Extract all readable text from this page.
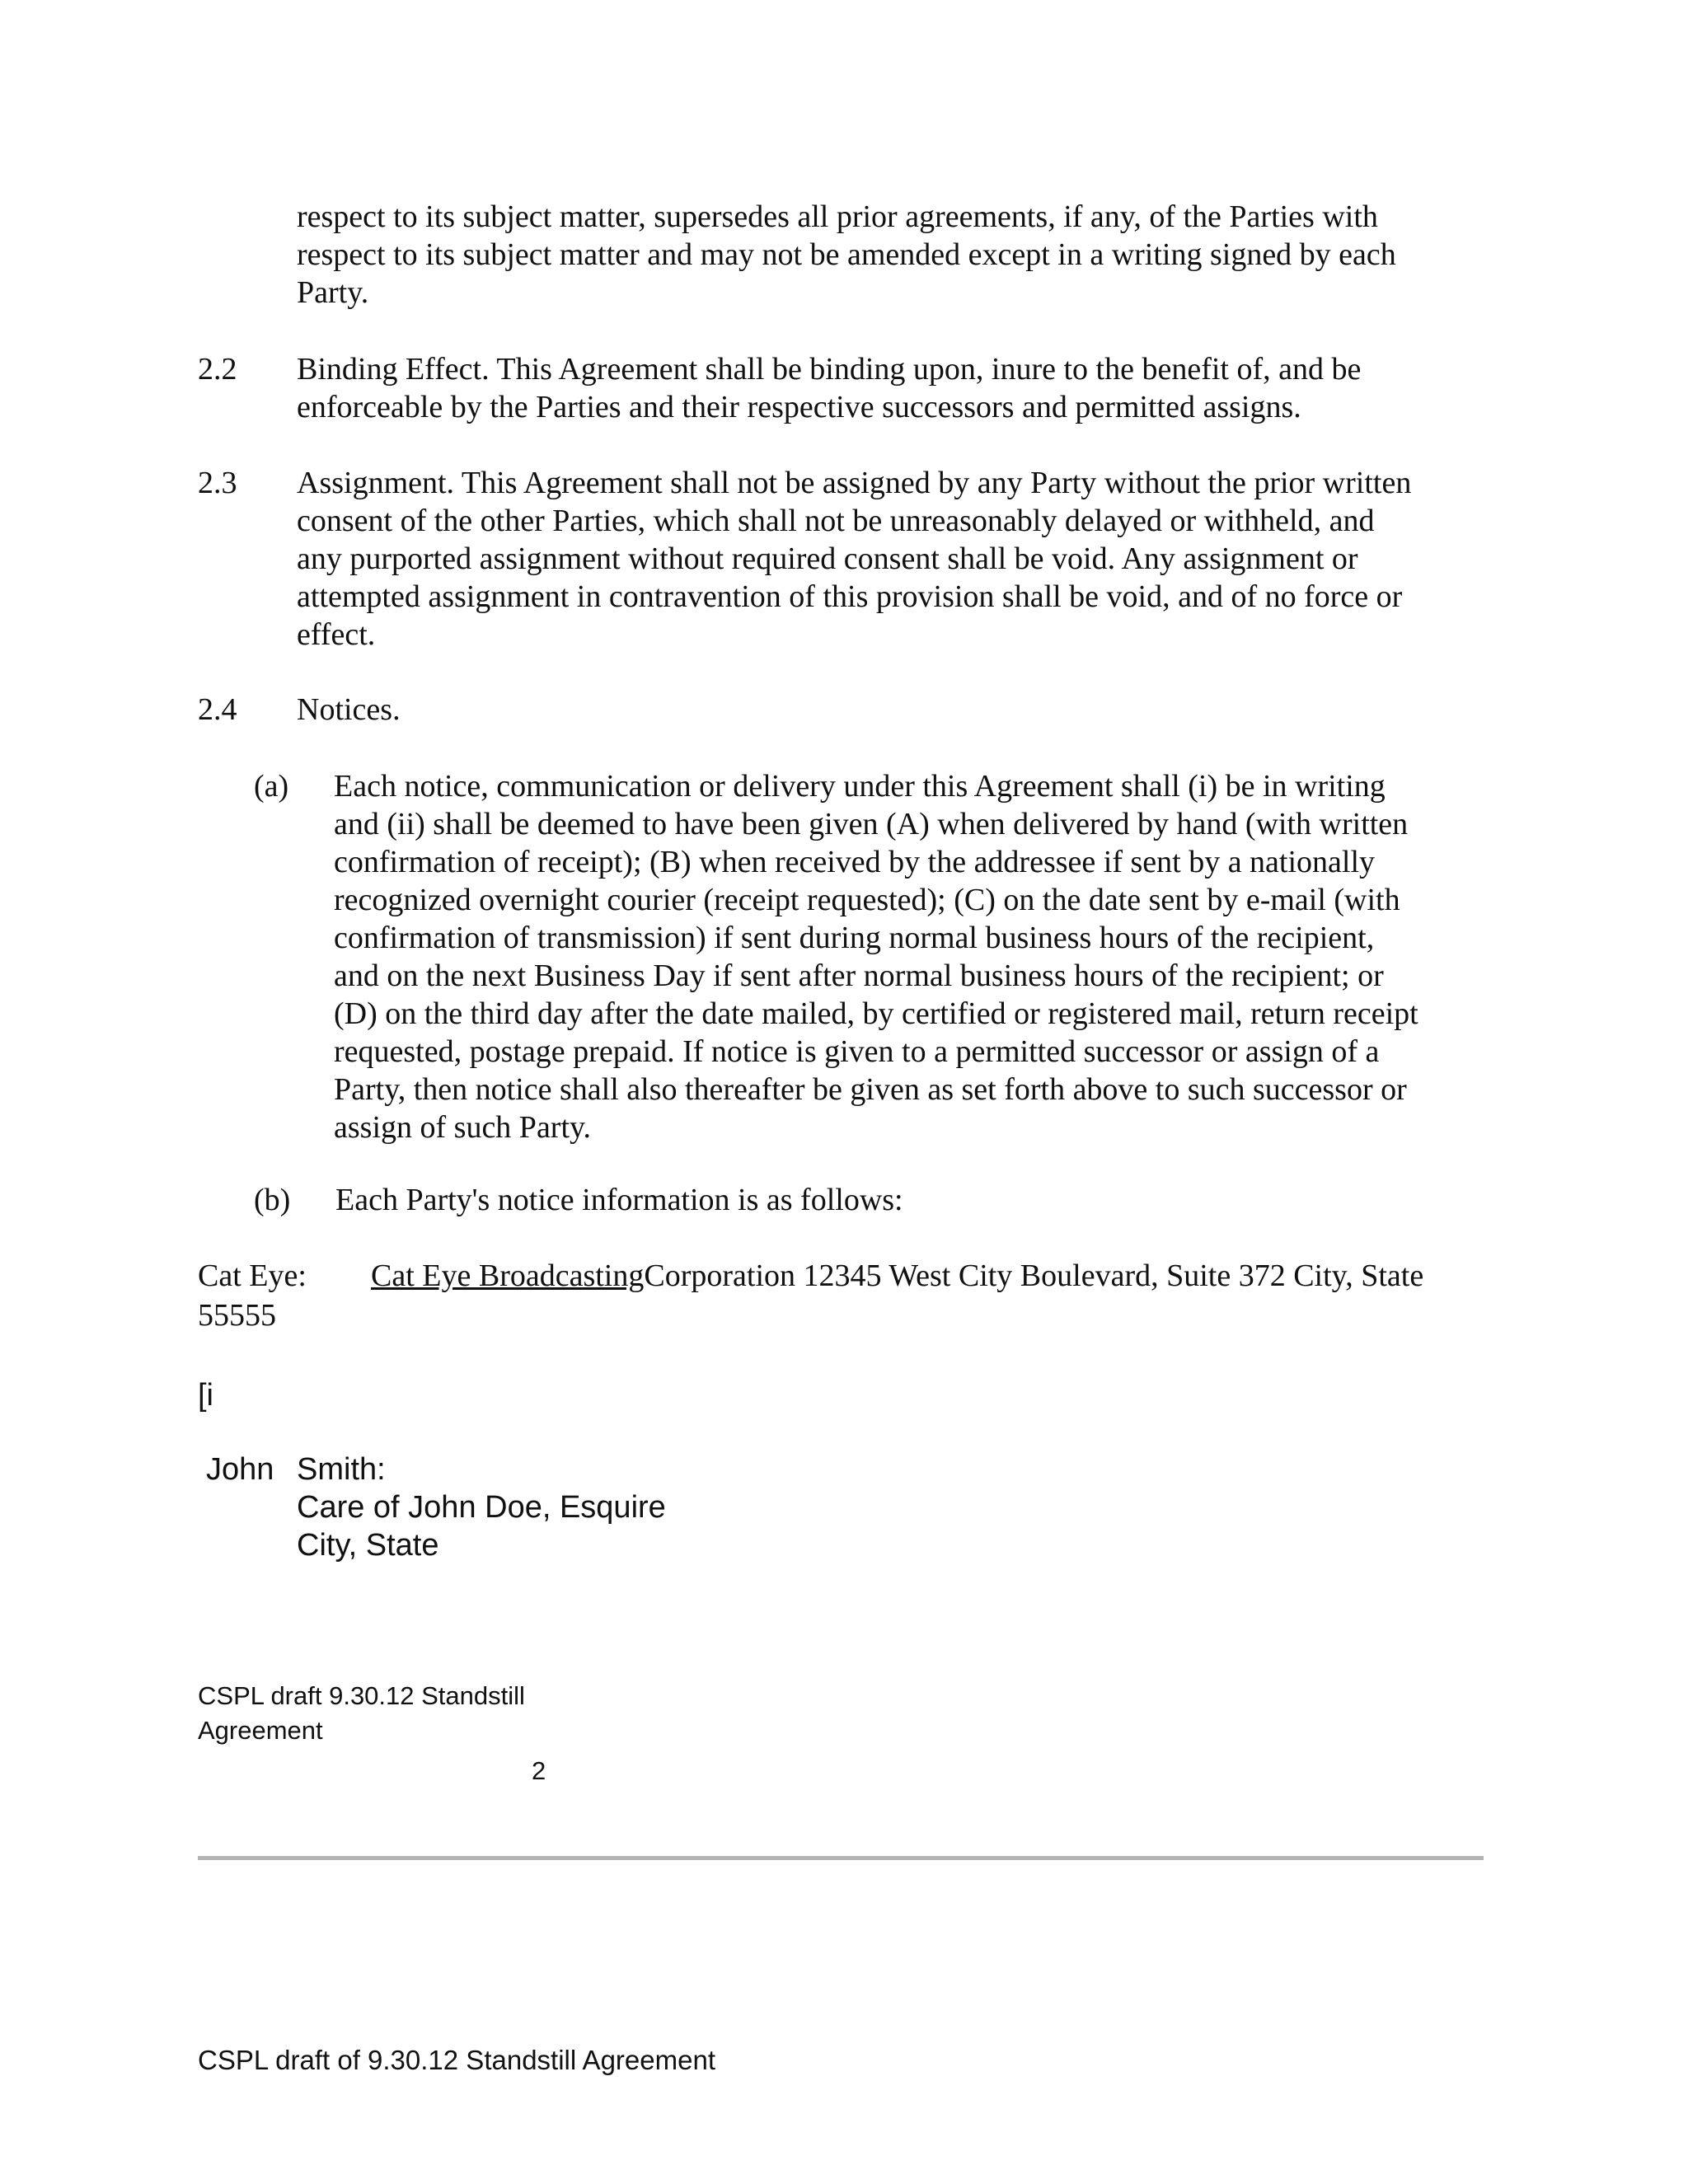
respect to its subject matter, supersedes all prior agreements, if any, of the Parties with
respect to its subject matter and may not be amended except in a writing signed by each
Party.
2.2 Binding Effect. This Agreement shall be binding upon, inure to the benefit of, and be
enforceable by the Parties and their respective successors and permitted assigns.
2.3 Assignment. This Agreement shall not be assigned by any Party without the prior written
consent of the other Parties, which shall not be unreasonably delayed or withheld, and
any purported assignment without required consent shall be void. Any assignment or
attempted assignment in contravention of this provision shall be void, and of no force or
effect.
2.4 Notices.
(a) Each notice, communication or delivery under this Agreement shall (i) be in writing
and (ii) shall be deemed to have been given (A) when delivered by hand (with written
confirmation of receipt); (B) when received by the addressee if sent by a nationally
recognized overnight courier (receipt requested); (C) on the date sent by e-mail (with
confirmation of transmission) if sent during normal business hours of the recipient,
and on the next Business Day if sent after normal business hours of the recipient; or
(D) on the third day after the date mailed, by certified or registered mail, return receipt
requested, postage prepaid. If notice is given to a permitted successor or assign of a
Party, then notice shall also thereafter be given as set forth above to such successor or
assign of such Party.
(b) Each Party's notice information is as follows:
Cat Eye: Cat Eye BroadcastingCorporation 12345 West City Boulevard, Suite 372 City, State
55555
[i
John Smith:
Care of John Doe, Esquire
City, State
CSPL draft 9.30.12 Standstill
Agreement
2
CSPL draft of 9.30.12 Standstill Agreement
